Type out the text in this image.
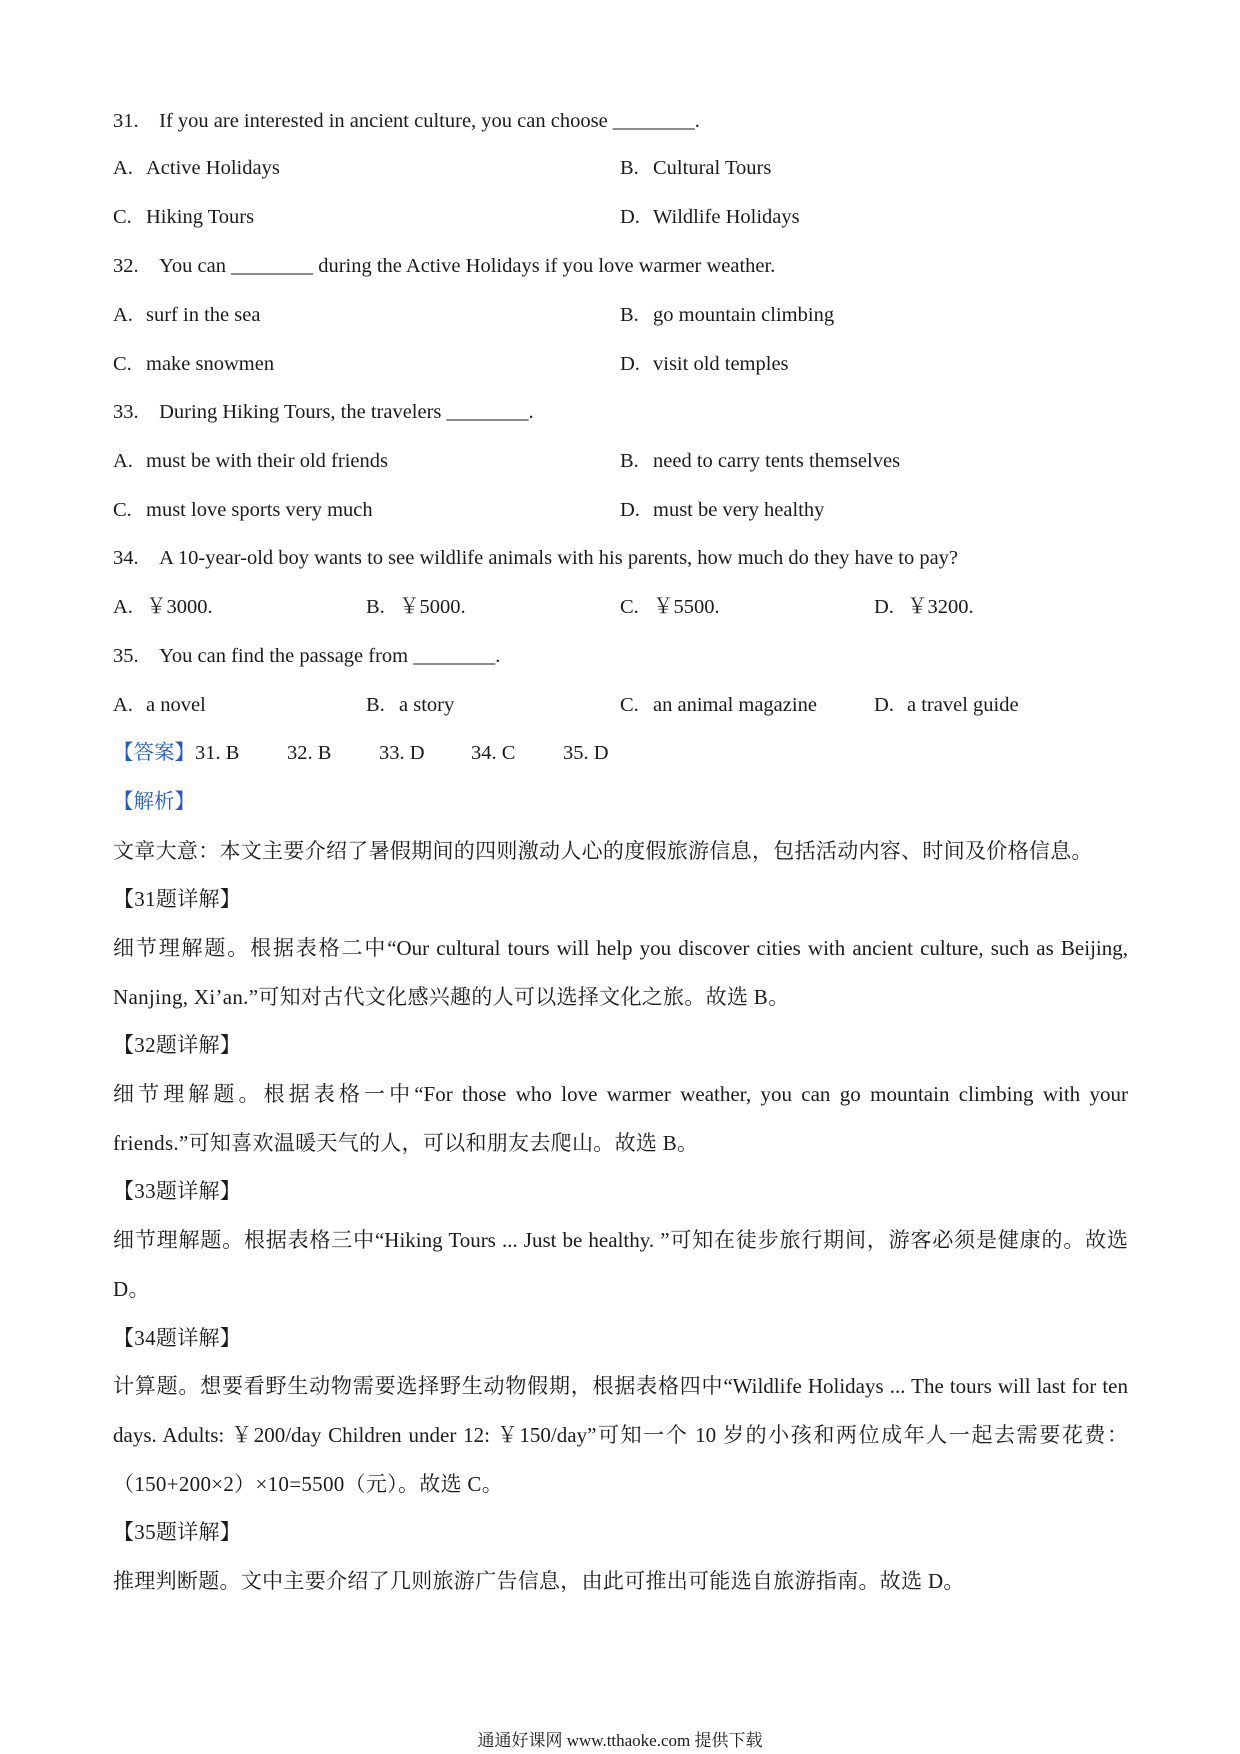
31. If you are interested in ancient culture, you can choose ________.
A. Active Holidays	B. Cultural Tours
C. Hiking Tours	D. Wildlife Holidays
32. You can ________ during the Active Holidays if you love warmer weather.
A. surf in the sea	B. go mountain climbing
C. make snowmen	D. visit old temples
33. During Hiking Tours, the travelers ________.
A. must be with their old friends	B. need to carry tents themselves
C. must love sports very much	D. must be very healthy
34. A 10-year-old boy wants to see wildlife animals with his parents, how much do they have to pay?
A. ￥3000.	B. ￥5000.	C. ￥5500.	D. ￥3200.
35. You can find the passage from ________.
A. a novel	B. a story	C. an animal magazine	D. a travel guide
【答案】31. B 32. B 33. D 34. C 35. D
【解析】
文章大意：本文主要介绍了暑假期间的四则激动人心的度假旅游信息，包括活动内容、时间及价格信息。
【31题详解】
细节理解题。根据表格二中“Our cultural tours will help you discover cities with ancient culture, such as Beijing,
Nanjing, Xi’an.”可知对古代文化感兴趣的人可以选择文化之旅。故选 B。
【32题详解】
细节理解题。根据表格一中“For those who love warmer weather, you can go mountain climbing with your
friends.”可知喜欢温暖天气的人，可以和朋友去爬山。故选 B。
【33题详解】
细节理解题。根据表格三中“Hiking Tours ... Just be healthy. ”可知在徒步旅行期间，游客必须是健康的。故选
D。
【34题详解】
计算题。想要看野生动物需要选择野生动物假期，根据表格四中“Wildlife Holidays ... The tours will last for ten
days. Adults: ￥200/day Children under 12: ￥150/day”可知一个 10 岁的小孩和两位成年人一起去需要花费：
（150+200×2）×10=5500（元）。故选 C。
【35题详解】
推理判断题。文中主要介绍了几则旅游广告信息，由此可推出可能选自旅游指南。故选 D。
通通好课网 www.tthaoke.com 提供下载
